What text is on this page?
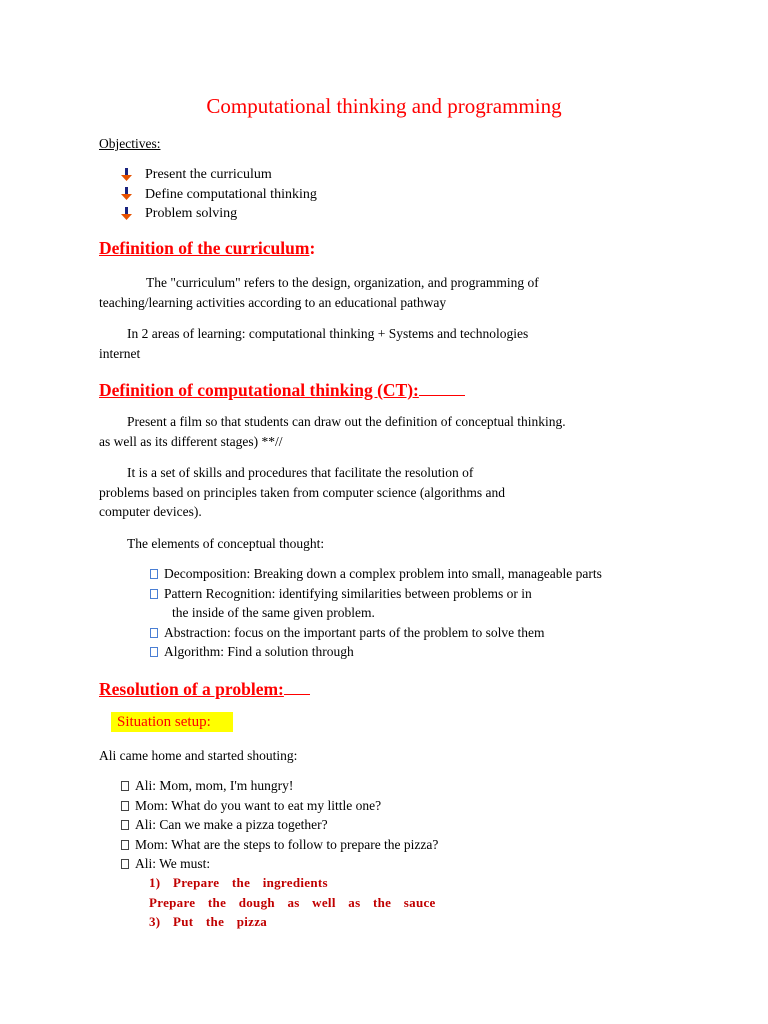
Computational thinking and programming
Objectives:
Present the curriculum
Define computational thinking
Problem solving
Definition of the curriculum:
The "curriculum" refers to the design, organization, and programming of
teaching/learning activities according to an educational pathway
In 2 areas of learning: computational thinking + Systems and technologies
internet
Definition of computational thinking (CT):
Present a film so that students can draw out the definition of conceptual thinking.
as well as its different stages) **//
It is a set of skills and procedures that facilitate the resolution of
problems based on principles taken from computer science (algorithms and
computer devices).
The elements of conceptual thought:
Decomposition: Breaking down a complex problem into small, manageable parts
Pattern Recognition: identifying similarities between problems or in
the inside of the same given problem.
Abstraction: focus on the important parts of the problem to solve them
Algorithm: Find a solution through
Resolution of a problem:
Situation setup:
Ali came home and started shouting:
Ali: Mom, mom, I'm hungry!
Mom: What do you want to eat my little one?
Ali: Can we make a pizza together?
Mom: What are the steps to follow to prepare the pizza?
Ali: We must:
1) Prepare the ingredients
Prepare the dough as well as the sauce
3) Put the pizza
